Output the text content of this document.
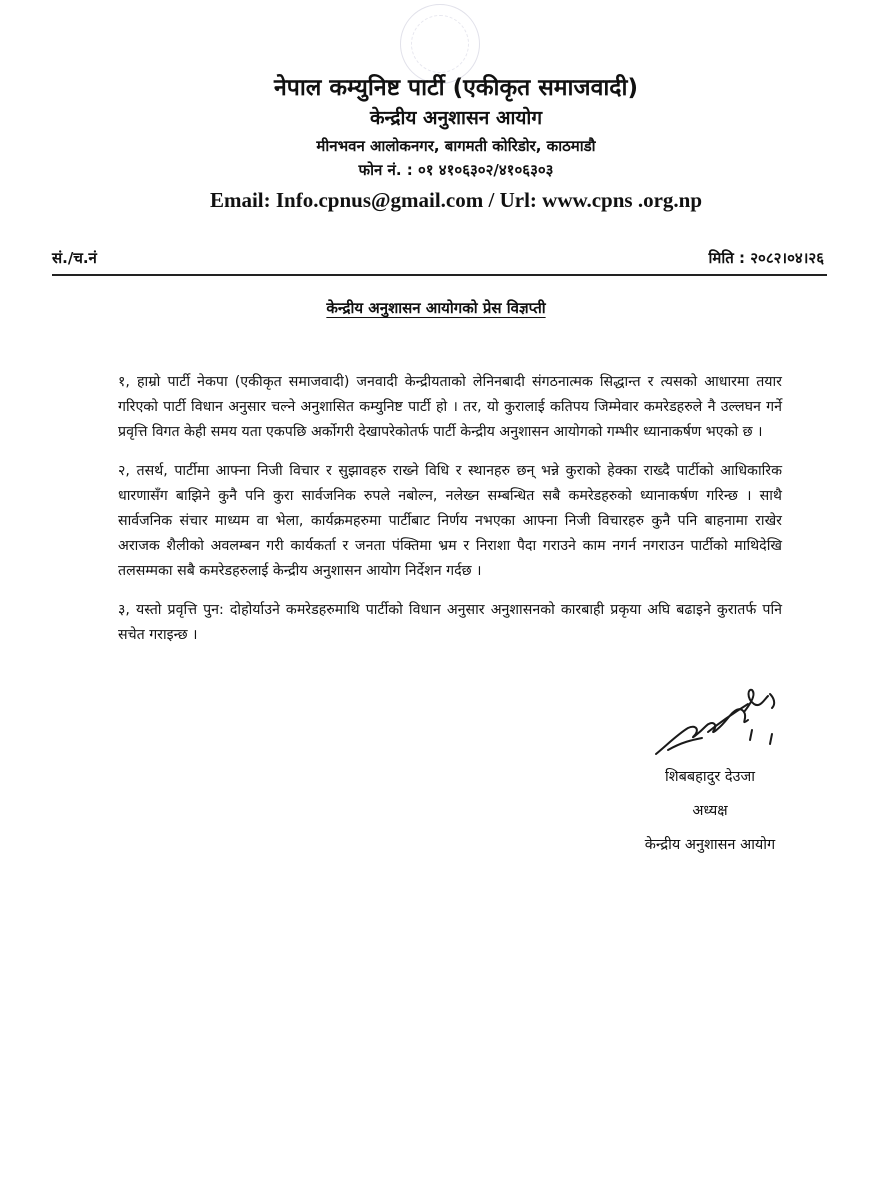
नेपाल कम्युनिष्ट पार्टी (एकीकृत समाजवादी)
केन्द्रीय अनुशासन आयोग
मीनभवन आलोकनगर, बागमती कोरिडोर, काठमाडौ
फोन नं. : ०१ ४१०६३०२/४१०६३०३
Email: Info.cpnus@gmail.com / Url: www.cpns .org.np
सं./च.नं	मिति : २०८२।०४।२६
केन्द्रीय अनुशासन आयोगको प्रेस विज्ञप्ती

१, हाम्रो पार्टी नेकपा (एकीकृत समाजवादी) जनवादी केन्द्रीयताको लेनिनबादी संगठनात्मक सिद्धान्त र त्यसको आधारमा तयार गरिएको पार्टी विधान अनुसार चल्ने अनुशासित कम्युनिष्ट पार्टी हो । तर, यो कुरालाई कतिपय जिम्मेवार कमरेडहरुले नै उल्लघन गर्ने प्रवृत्ति विगत केही समय यता एकपछि अर्कोगरी देखापरेकोतर्फ पार्टी केन्द्रीय अनुशासन आयोगको गम्भीर ध्यानाकर्षण भएको छ ।

२, तसर्थ, पार्टीमा आफ्ना निजी विचार र सुझावहरु राख्ने विधि र स्थानहरु छन् भन्ने कुराको हेक्का राख्दै पार्टीको आधिकारिक धारणासँग बाझिने कुनै पनि कुरा सार्वजनिक रुपले नबोल्न, नलेख्न सम्बन्धित सबै कमरेडहरुको ध्यानाकर्षण गरिन्छ । साथै सार्वजनिक संचार माध्यम वा भेला, कार्यक्रमहरुमा पार्टीबाट निर्णय नभएका आफ्ना निजी विचारहरु कुनै पनि बाहनामा राखेर अराजक शैलीको अवलम्बन गरी कार्यकर्ता र जनता पंक्तिमा भ्रम र निराशा पैदा गराउने काम नगर्न नगराउन पार्टीको माथिदेखि तलसम्मका सबै कमरेडहरुलाई केन्द्रीय अनुशासन आयोग निर्देशन गर्दछ ।

३, यस्तो प्रवृत्ति पुन: दोहोर्याउने कमरेडहरुमाथि पार्टीको विधान अनुसार अनुशासनको कारबाही प्रकृया अघि बढाइने कुरातर्फ पनि सचेत गराइन्छ ।

शिबबहादुर देउजा
अध्यक्ष
केन्द्रीय अनुशासन आयोग
